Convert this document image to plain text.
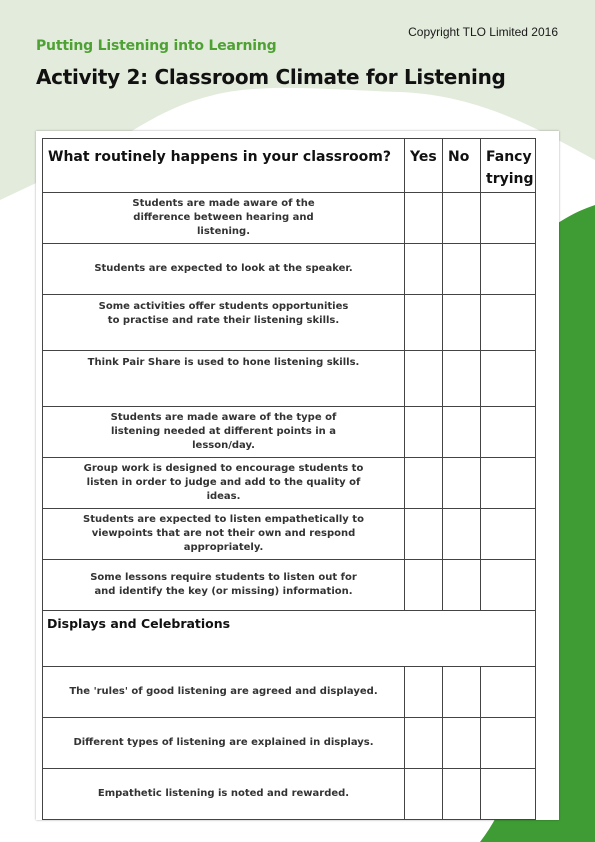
Copyright TLO Limited 2016
Putting Listening into Learning
Activity 2: Classroom Climate for Listening
What routinely happens in your classroom?	Yes	No	Fancy trying
Students are made aware of the difference between hearing and listening.			
Students are expected to look at the speaker.			
Some activities offer students opportunities to practise and rate their listening skills.			
Think Pair Share is used to hone listening skills.			
Students are made aware of the type of listening needed at different points in a lesson/day.			
Group work is designed to encourage students to listen in order to judge and add to the quality of ideas.			
Students are expected to listen empathetically to viewpoints that are not their own and respond appropriately.			
Some lessons require students to listen out for and identify the key (or missing) information.			
Displays and Celebrations			
The 'rules' of good listening are agreed and displayed.			
Different types of listening are explained in displays.			
Empathetic listening is noted and rewarded.			
